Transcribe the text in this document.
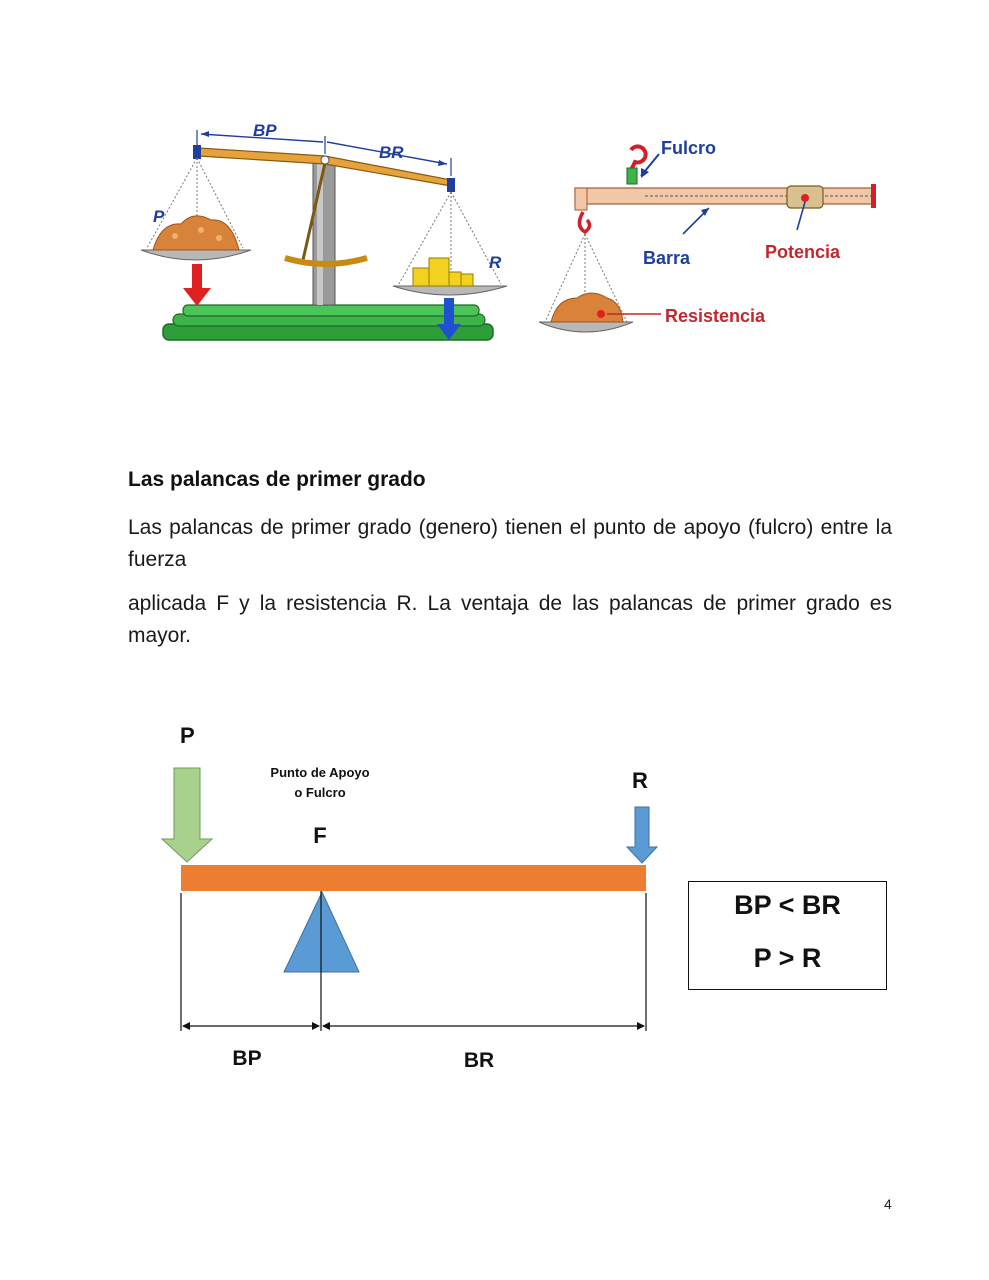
BP
BR
P
R
Fulcro
Potencia
Barra
Resistencia
Las palancas de primer grado
Las palancas de primer grado (genero) tienen el punto de apoyo (fulcro) entre la fuerza
aplicada F y la resistencia R. La ventaja de las palancas de primer grado es mayor.
P
Punto de Apoyo
o Fulcro
F
R
BP	BR
BP < BR
P > R
4
